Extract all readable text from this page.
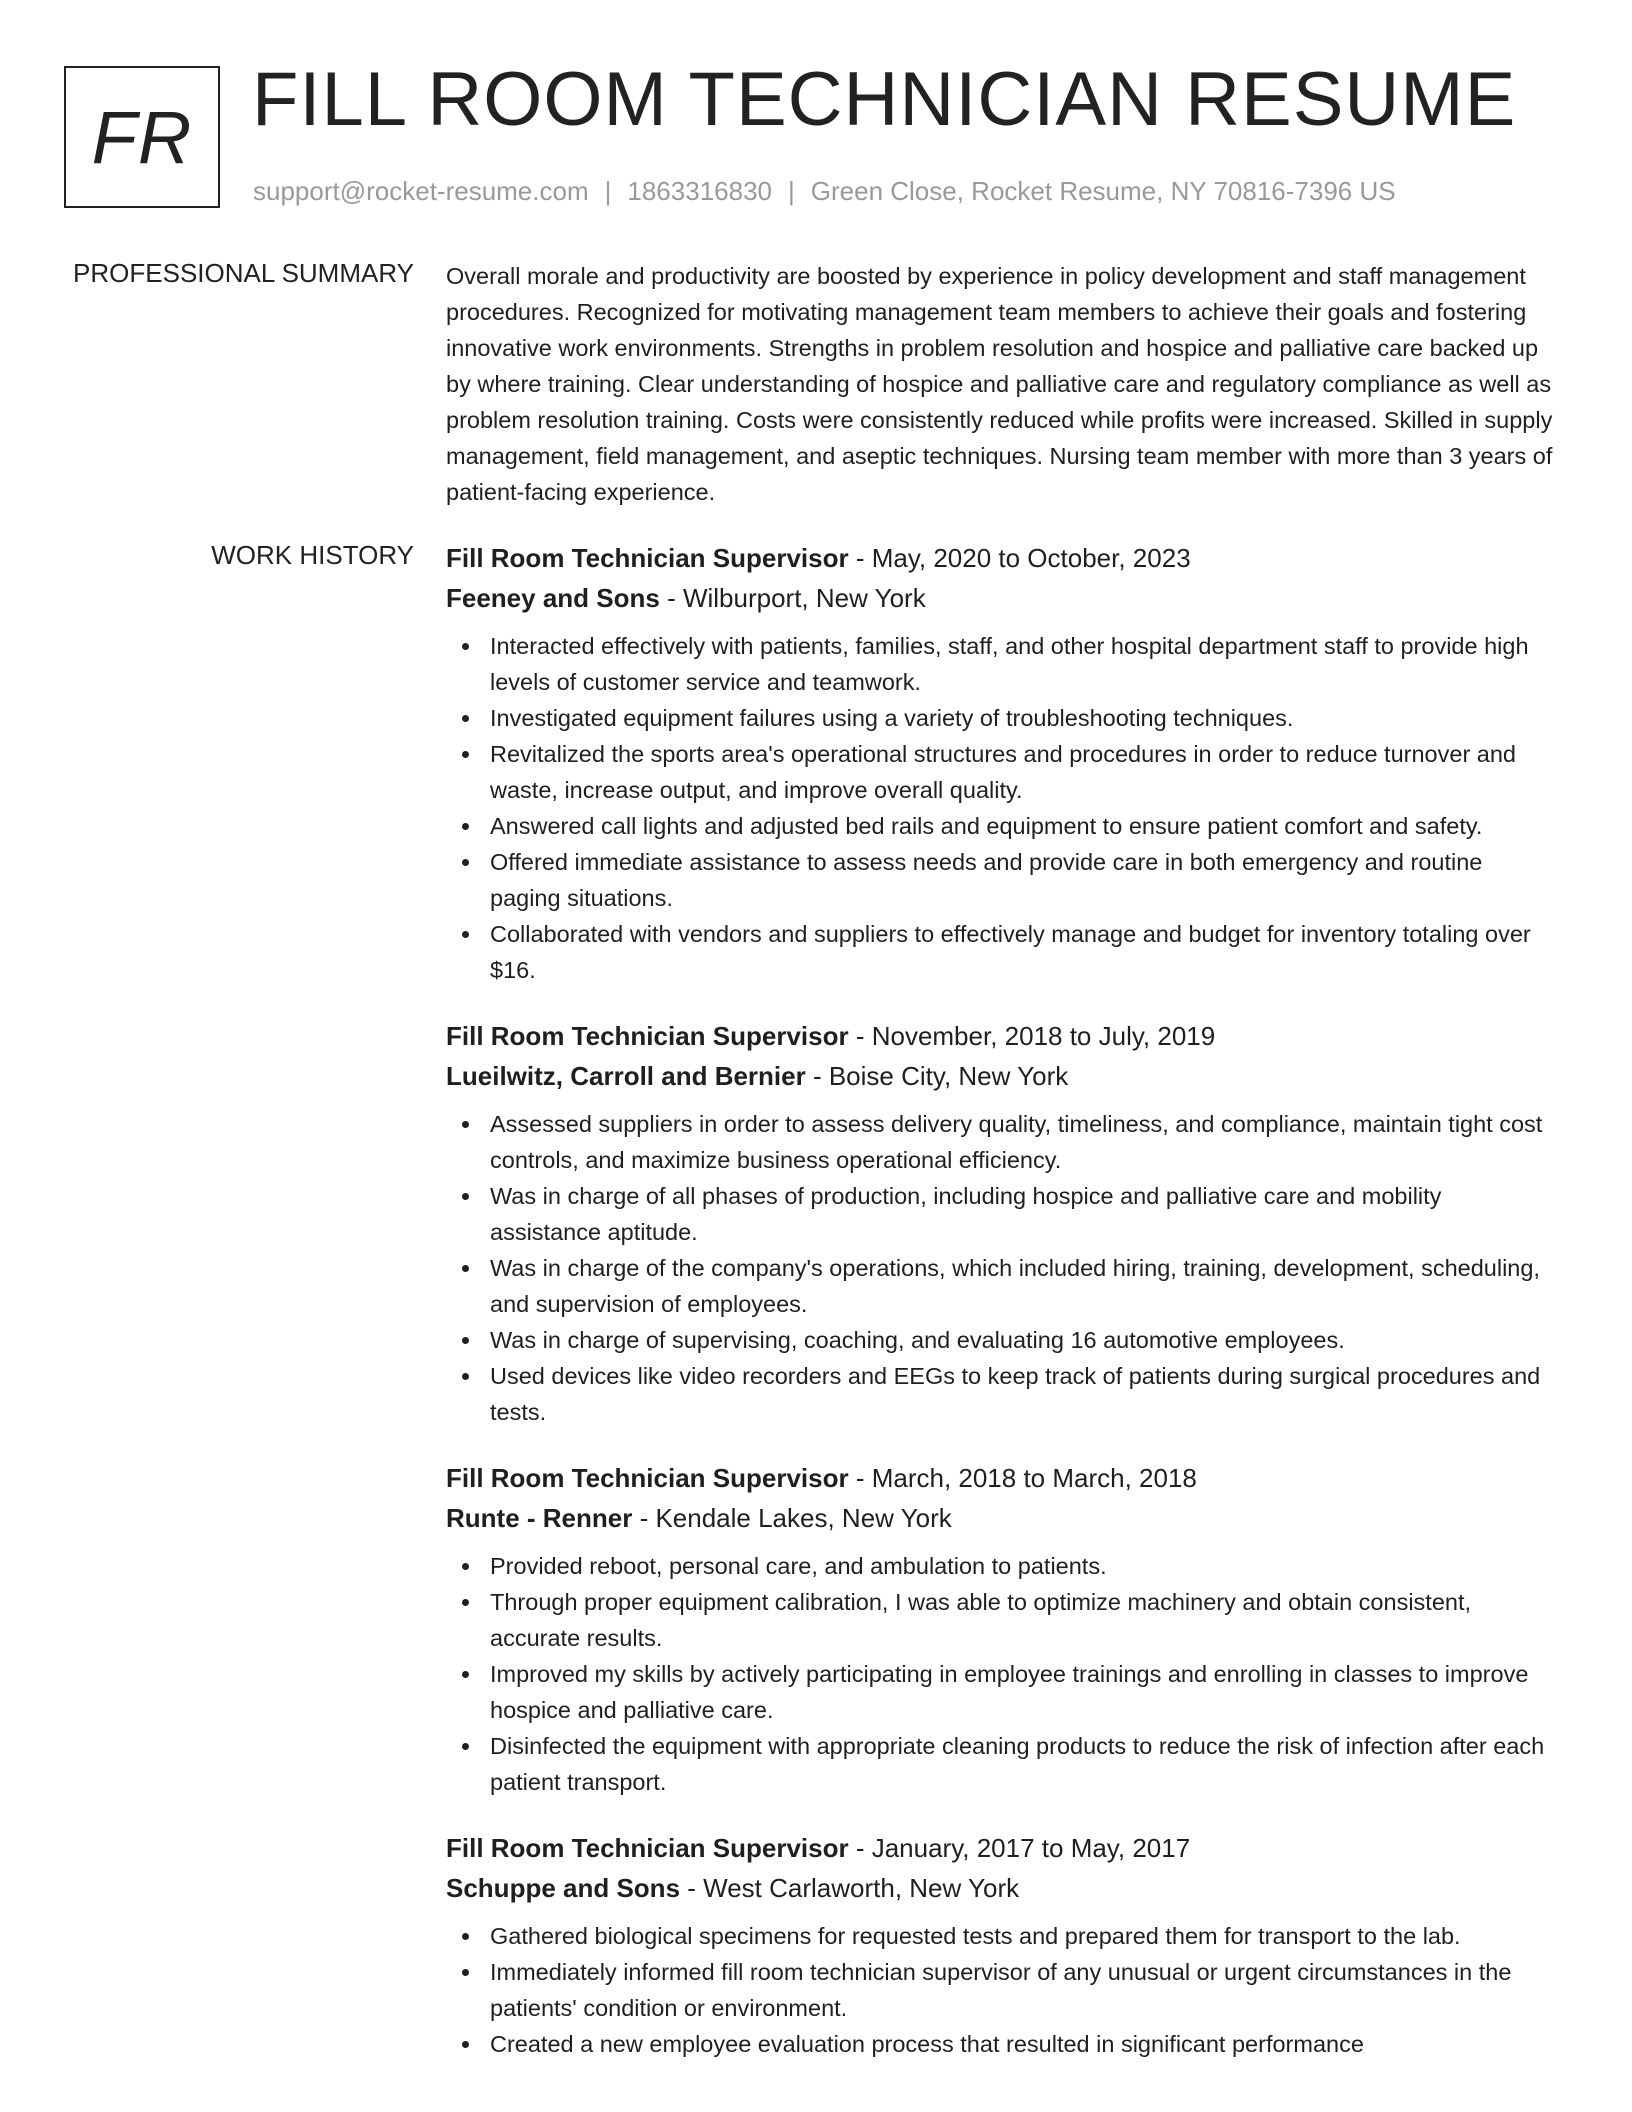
FR FILL ROOM TECHNICIAN RESUME
support@rocket-resume.com | 1863316830 | Green Close, Rocket Resume, NY 70816-7396 US
PROFESSIONAL SUMMARY Overall morale and productivity are boosted by experience in policy development and staff management procedures. Recognized for motivating management team members to achieve their goals and fostering innovative work environments. Strengths in problem resolution and hospice and palliative care backed up by where training. Clear understanding of hospice and palliative care and regulatory compliance as well as problem resolution training. Costs were consistently reduced while profits were increased. Skilled in supply management, field management, and aseptic techniques. Nursing team member with more than 3 years of patient-facing experience.

WORK HISTORY Fill Room Technician Supervisor - May, 2020 to October, 2023
Feeney and Sons - Wilburport, New York
Interacted effectively with patients, families, staff, and other hospital department staff to provide high levels of customer service and teamwork.
Investigated equipment failures using a variety of troubleshooting techniques.
Revitalized the sports area's operational structures and procedures in order to reduce turnover and waste, increase output, and improve overall quality.
Answered call lights and adjusted bed rails and equipment to ensure patient comfort and safety.
Offered immediate assistance to assess needs and provide care in both emergency and routine paging situations.
Collaborated with vendors and suppliers to effectively manage and budget for inventory totaling over $16.
Fill Room Technician Supervisor - November, 2018 to July, 2019
Lueilwitz, Carroll and Bernier - Boise City, New York
Assessed suppliers in order to assess delivery quality, timeliness, and compliance, maintain tight cost controls, and maximize business operational efficiency.
Was in charge of all phases of production, including hospice and palliative care and mobility assistance aptitude.
Was in charge of the company's operations, which included hiring, training, development, scheduling, and supervision of employees.
Was in charge of supervising, coaching, and evaluating 16 automotive employees.
Used devices like video recorders and EEGs to keep track of patients during surgical procedures and tests.
Fill Room Technician Supervisor - March, 2018 to March, 2018
Runte - Renner - Kendale Lakes, New York
Provided reboot, personal care, and ambulation to patients.
Through proper equipment calibration, I was able to optimize machinery and obtain consistent, accurate results.
Improved my skills by actively participating in employee trainings and enrolling in classes to improve hospice and palliative care.
Disinfected the equipment with appropriate cleaning products to reduce the risk of infection after each patient transport.
Fill Room Technician Supervisor - January, 2017 to May, 2017
Schuppe and Sons - West Carlaworth, New York
Gathered biological specimens for requested tests and prepared them for transport to the lab.
Immediately informed fill room technician supervisor of any unusual or urgent circumstances in the patients' condition or environment.
Created a new employee evaluation process that resulted in significant performance
